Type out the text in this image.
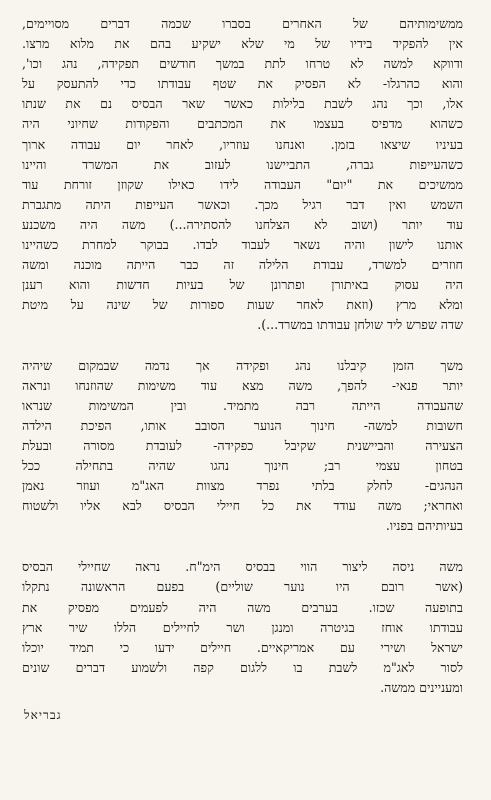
ממשימותיהם של האחרים בסברו שכמה דברים מסויימים,
אין להפקיד בידיו של מי שלא ישקיע בהם את מלוא מרצו.
ודווקא למשה לא טרחו לתת במשך חודשים תפקידה, נהג וכו',
והוא כהרגלו- לא הפסיק את שטף עבודתו כדי להתעסק על
אלו, וכך נהג לשבת בלילות כאשר שאר הבסיס נם את שנתו
כשהוא מדפיס בעצמו את המכתבים והפקודות שחיוני היה
בעיניו שיצאו בזמן. ואנחנו עוזריו, לאחר יום עבודה ארוך
כשהעייפות גברה, התביישנו לעזוב את המשרד והיינו
ממשיכים את "יום" העבודה לידו כאילו שקוזן זורחת עוד
השמש ואין דבר רגיל מכך. וכאשר העייפות היתה מתגברת
עוד יותר (ושוב לא הצלחנו להסתירה...) משה היה משכנע
אותנו לישון והיה נשאר לעבוד לבדו. בבוקר למחרת כשהיינו
חוזרים למשרד, עבודת הלילה זה כבר הייתה מוכנה ומשה
היה עסוק באיתורן ופתרונן של בעיות חדשות והוא רענן
ומלא מרץ (וזאת לאחר שעות ספורות של שינה על מיטת
שדה שפרש ליד שולחן עבודתו במשרד...).

משך הזמן קיבלנו נהג ופקידה אך נדמה שבמקום שיהיה
יותר פנאי- להפך, משה מצא עוד משימות שהוזנחו ונראה
שהעבודה הייתה רבה מתמיד. ובין המשימות שנראו
חשובות למשה- חינוך הנוער הסובב אותו, הפיכת הילדה
הצעירה והביישנית שקיבל כפקידה- לעובדת מסורה ובעלת
בטחון עצמי רב; חינוך נהגו שהיה בתחילה ככל
הנהגים- לחלק בלתי נפרד מצוות האג"מ ועוזר נאמן
ואחראי; משה עודד את כל חיילי הבסיס לבא אליו ולשטוח
בעיותיהם בפניו.

משה ניסה ליצור הווי בבסיס הימ"ח. נראה שחיילי הבסיס
(אשר רובם היו נוער שוליים) בפעם הראשונה נתקלו
בתופעה שכזו. בערבים משה היה לפעמים מפסיק את
עבודתו אוחז בגיטרה ומנגן ושר לחיילים הללו שיר ארץ
ישראל ושירי עם אמריקאיים. חיילים ידעו כי תמיד יוכלו
לסור לאג"מ לשבת בו ללגום קפה ולשמוע דברים שונים
ומעניינים ממשה.

גבריאל
